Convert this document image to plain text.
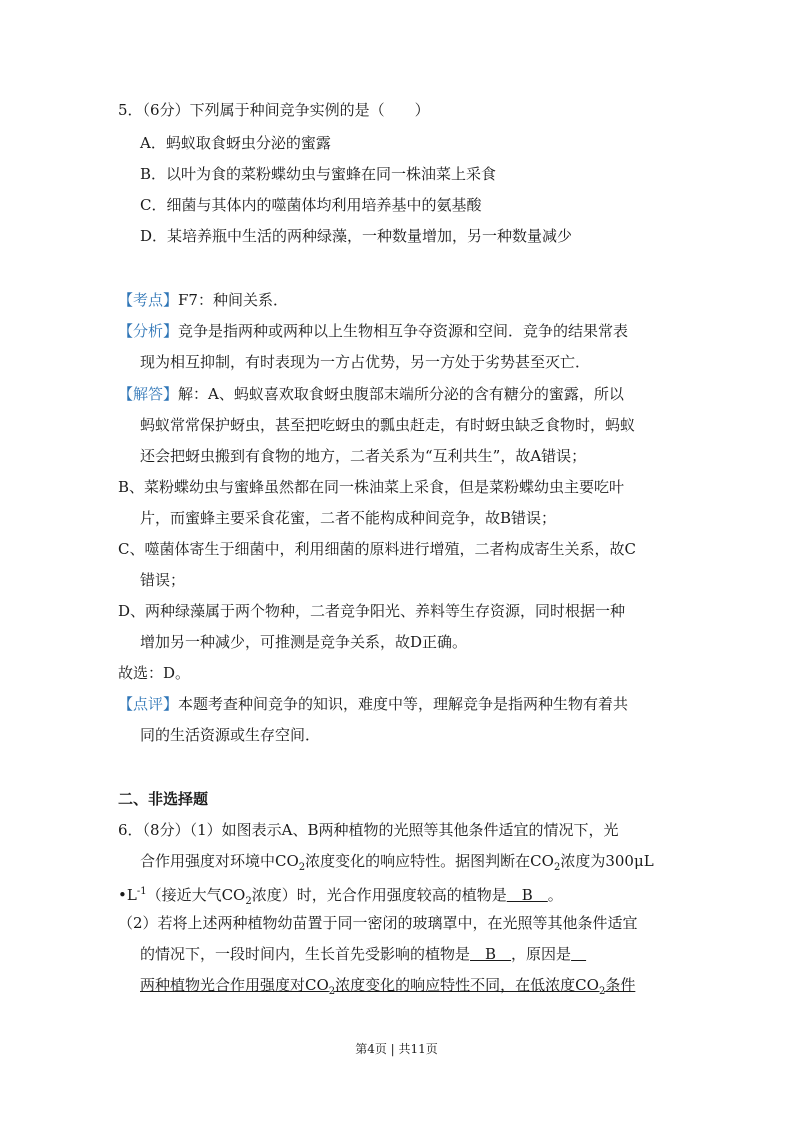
5．（6分）下列属于种间竞争实例的是（　　）
A．蚂蚁取食蚜虫分泌的蜜露
B．以叶为食的菜粉蝶幼虫与蜜蜂在同一株油菜上采食
C．细菌与其体内的噬菌体均利用培养基中的氨基酸
D．某培养瓶中生活的两种绿藻，一种数量增加，另一种数量减少
【考点】F7：种间关系．
【分析】竞争是指两种或两种以上生物相互争夺资源和空间．竞争的结果常表
现为相互抑制，有时表现为一方占优势，另一方处于劣势甚至灭亡．
【解答】解：A、蚂蚁喜欢取食蚜虫腹部末端所分泌的含有糖分的蜜露，所以
蚂蚁常常保护蚜虫，甚至把吃蚜虫的瓢虫赶走，有时蚜虫缺乏食物时，蚂蚁
还会把蚜虫搬到有食物的地方，二者关系为“互利共生”，故A错误；
B、菜粉蝶幼虫与蜜蜂虽然都在同一株油菜上采食，但是菜粉蝶幼虫主要吃叶
片，而蜜蜂主要采食花蜜，二者不能构成种间竞争，故B错误；
C、噬菌体寄生于细菌中，利用细菌的原料进行增殖，二者构成寄生关系，故C
错误；
D、两种绿藻属于两个物种，二者竞争阳光、养料等生存资源，同时根据一种
增加另一种减少，可推测是竞争关系，故D正确。
故选：D。
【点评】本题考查种间竞争的知识，难度中等，理解竞争是指两种生物有着共
同的生活资源或生存空间．
二、非选择题
6．（8分）（1）如图表示A、B两种植物的光照等其他条件适宜的情况下，光
合作用强度对环境中$CO_2$浓度变化的响应特性。据图判断在$CO_2$浓度为300μL
$•L^{-1}$（接近大气$CO_2$浓度）时，光合作用强度较高的植物是　B　。
（2）若将上述两种植物幼苗置于同一密闭的玻璃罩中，在光照等其他条件适宜
的情况下，一段时间内，生长首先受影响的植物是　B　，原因是　
两种植物光合作用强度对$CO_2$浓度变化的响应特性不同，在低浓度$CO_2$条件
第4页 | 共11页
